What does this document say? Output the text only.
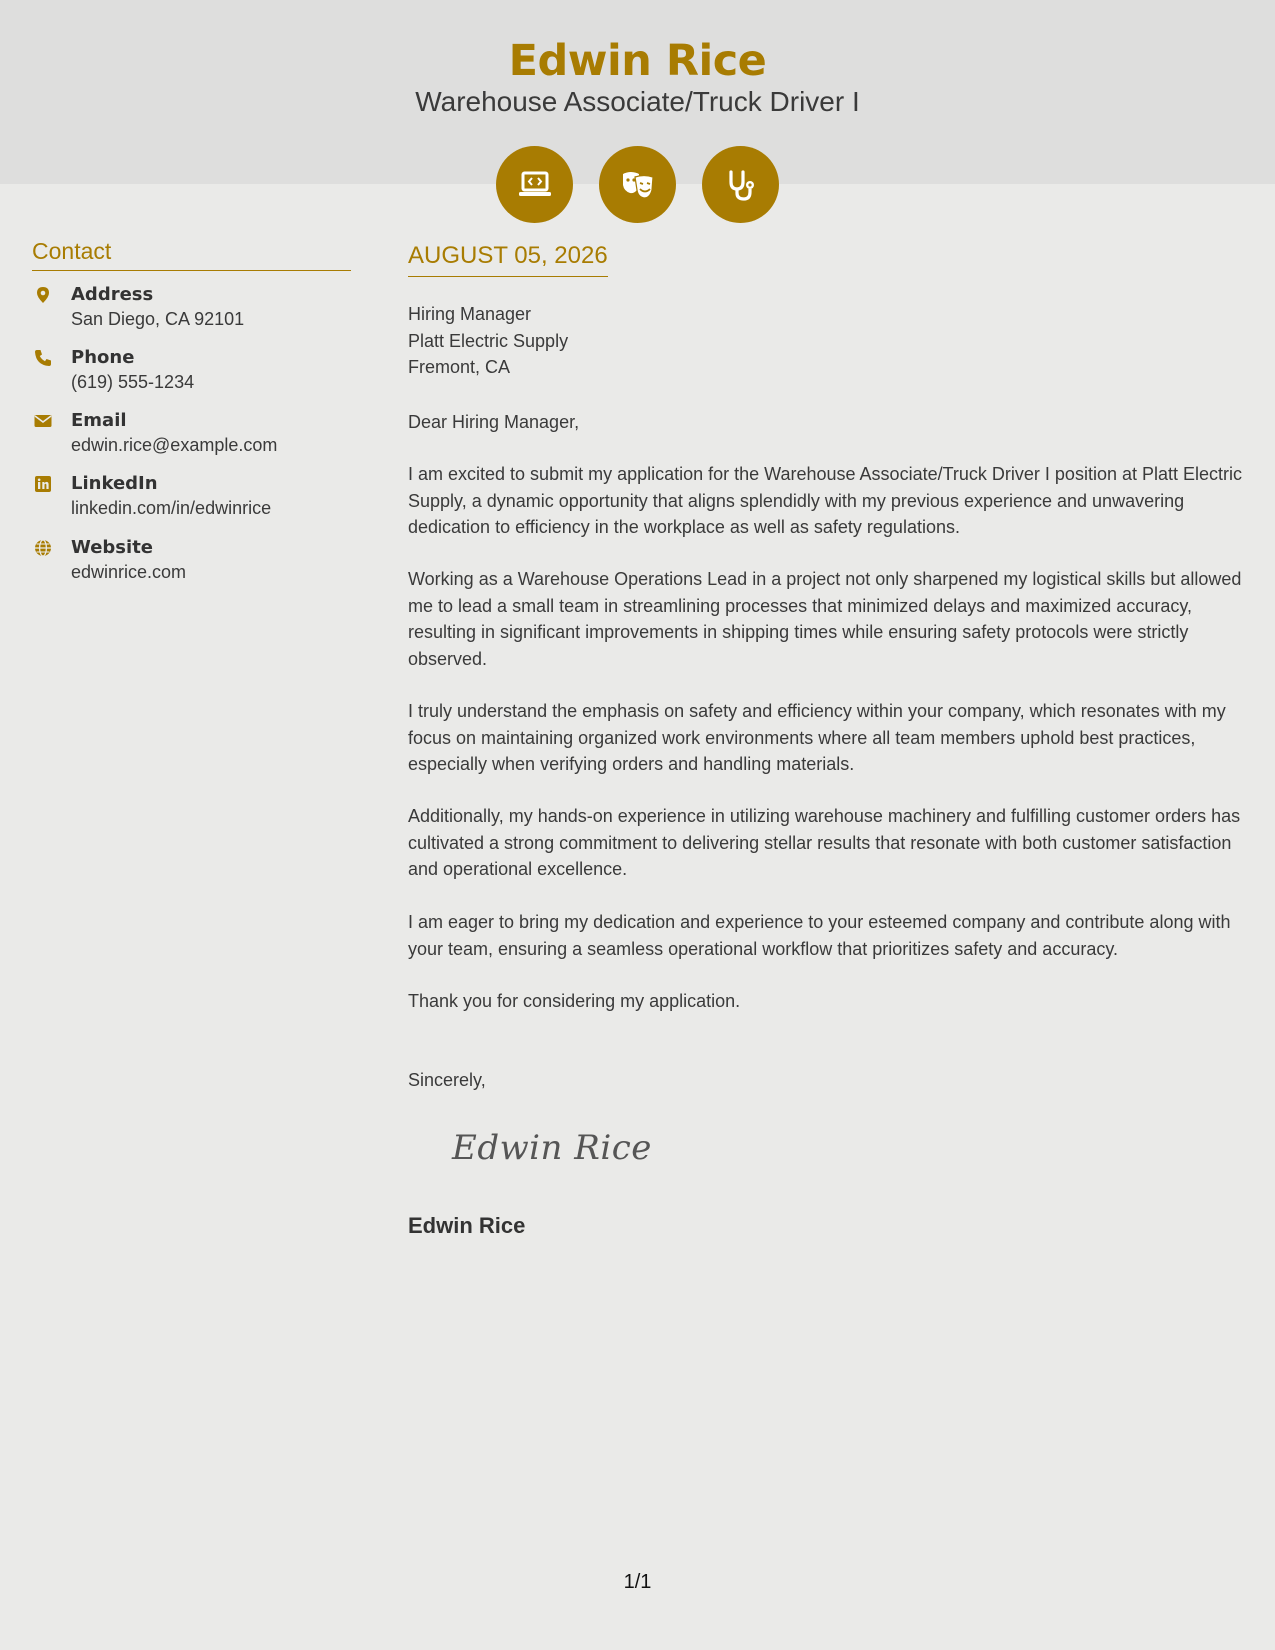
Edwin Rice
Warehouse Associate/Truck Driver I
Contact
Address
San Diego, CA 92101
Phone
(619) 555-1234
Email
edwin.rice@example.com
LinkedIn
linkedin.com/in/edwinrice
Website
edwinrice.com
AUGUST 05, 2026
Hiring Manager
Platt Electric Supply
Fremont, CA
Dear Hiring Manager,
I am excited to submit my application for the Warehouse Associate/Truck Driver I position at Platt Electric Supply, a dynamic opportunity that aligns splendidly with my previous experience and unwavering dedication to efficiency in the workplace as well as safety regulations.
Working as a Warehouse Operations Lead in a project not only sharpened my logistical skills but allowed me to lead a small team in streamlining processes that minimized delays and maximized accuracy, resulting in significant improvements in shipping times while ensuring safety protocols were strictly observed.
I truly understand the emphasis on safety and efficiency within your company, which resonates with my focus on maintaining organized work environments where all team members uphold best practices, especially when verifying orders and handling materials.
Additionally, my hands-on experience in utilizing warehouse machinery and fulfilling customer orders has cultivated a strong commitment to delivering stellar results that resonate with both customer satisfaction and operational excellence.
I am eager to bring my dedication and experience to your esteemed company and contribute along with your team, ensuring a seamless operational workflow that prioritizes safety and accuracy.
Thank you for considering my application.
Sincerely,
Edwin Rice
Edwin Rice
1/1
